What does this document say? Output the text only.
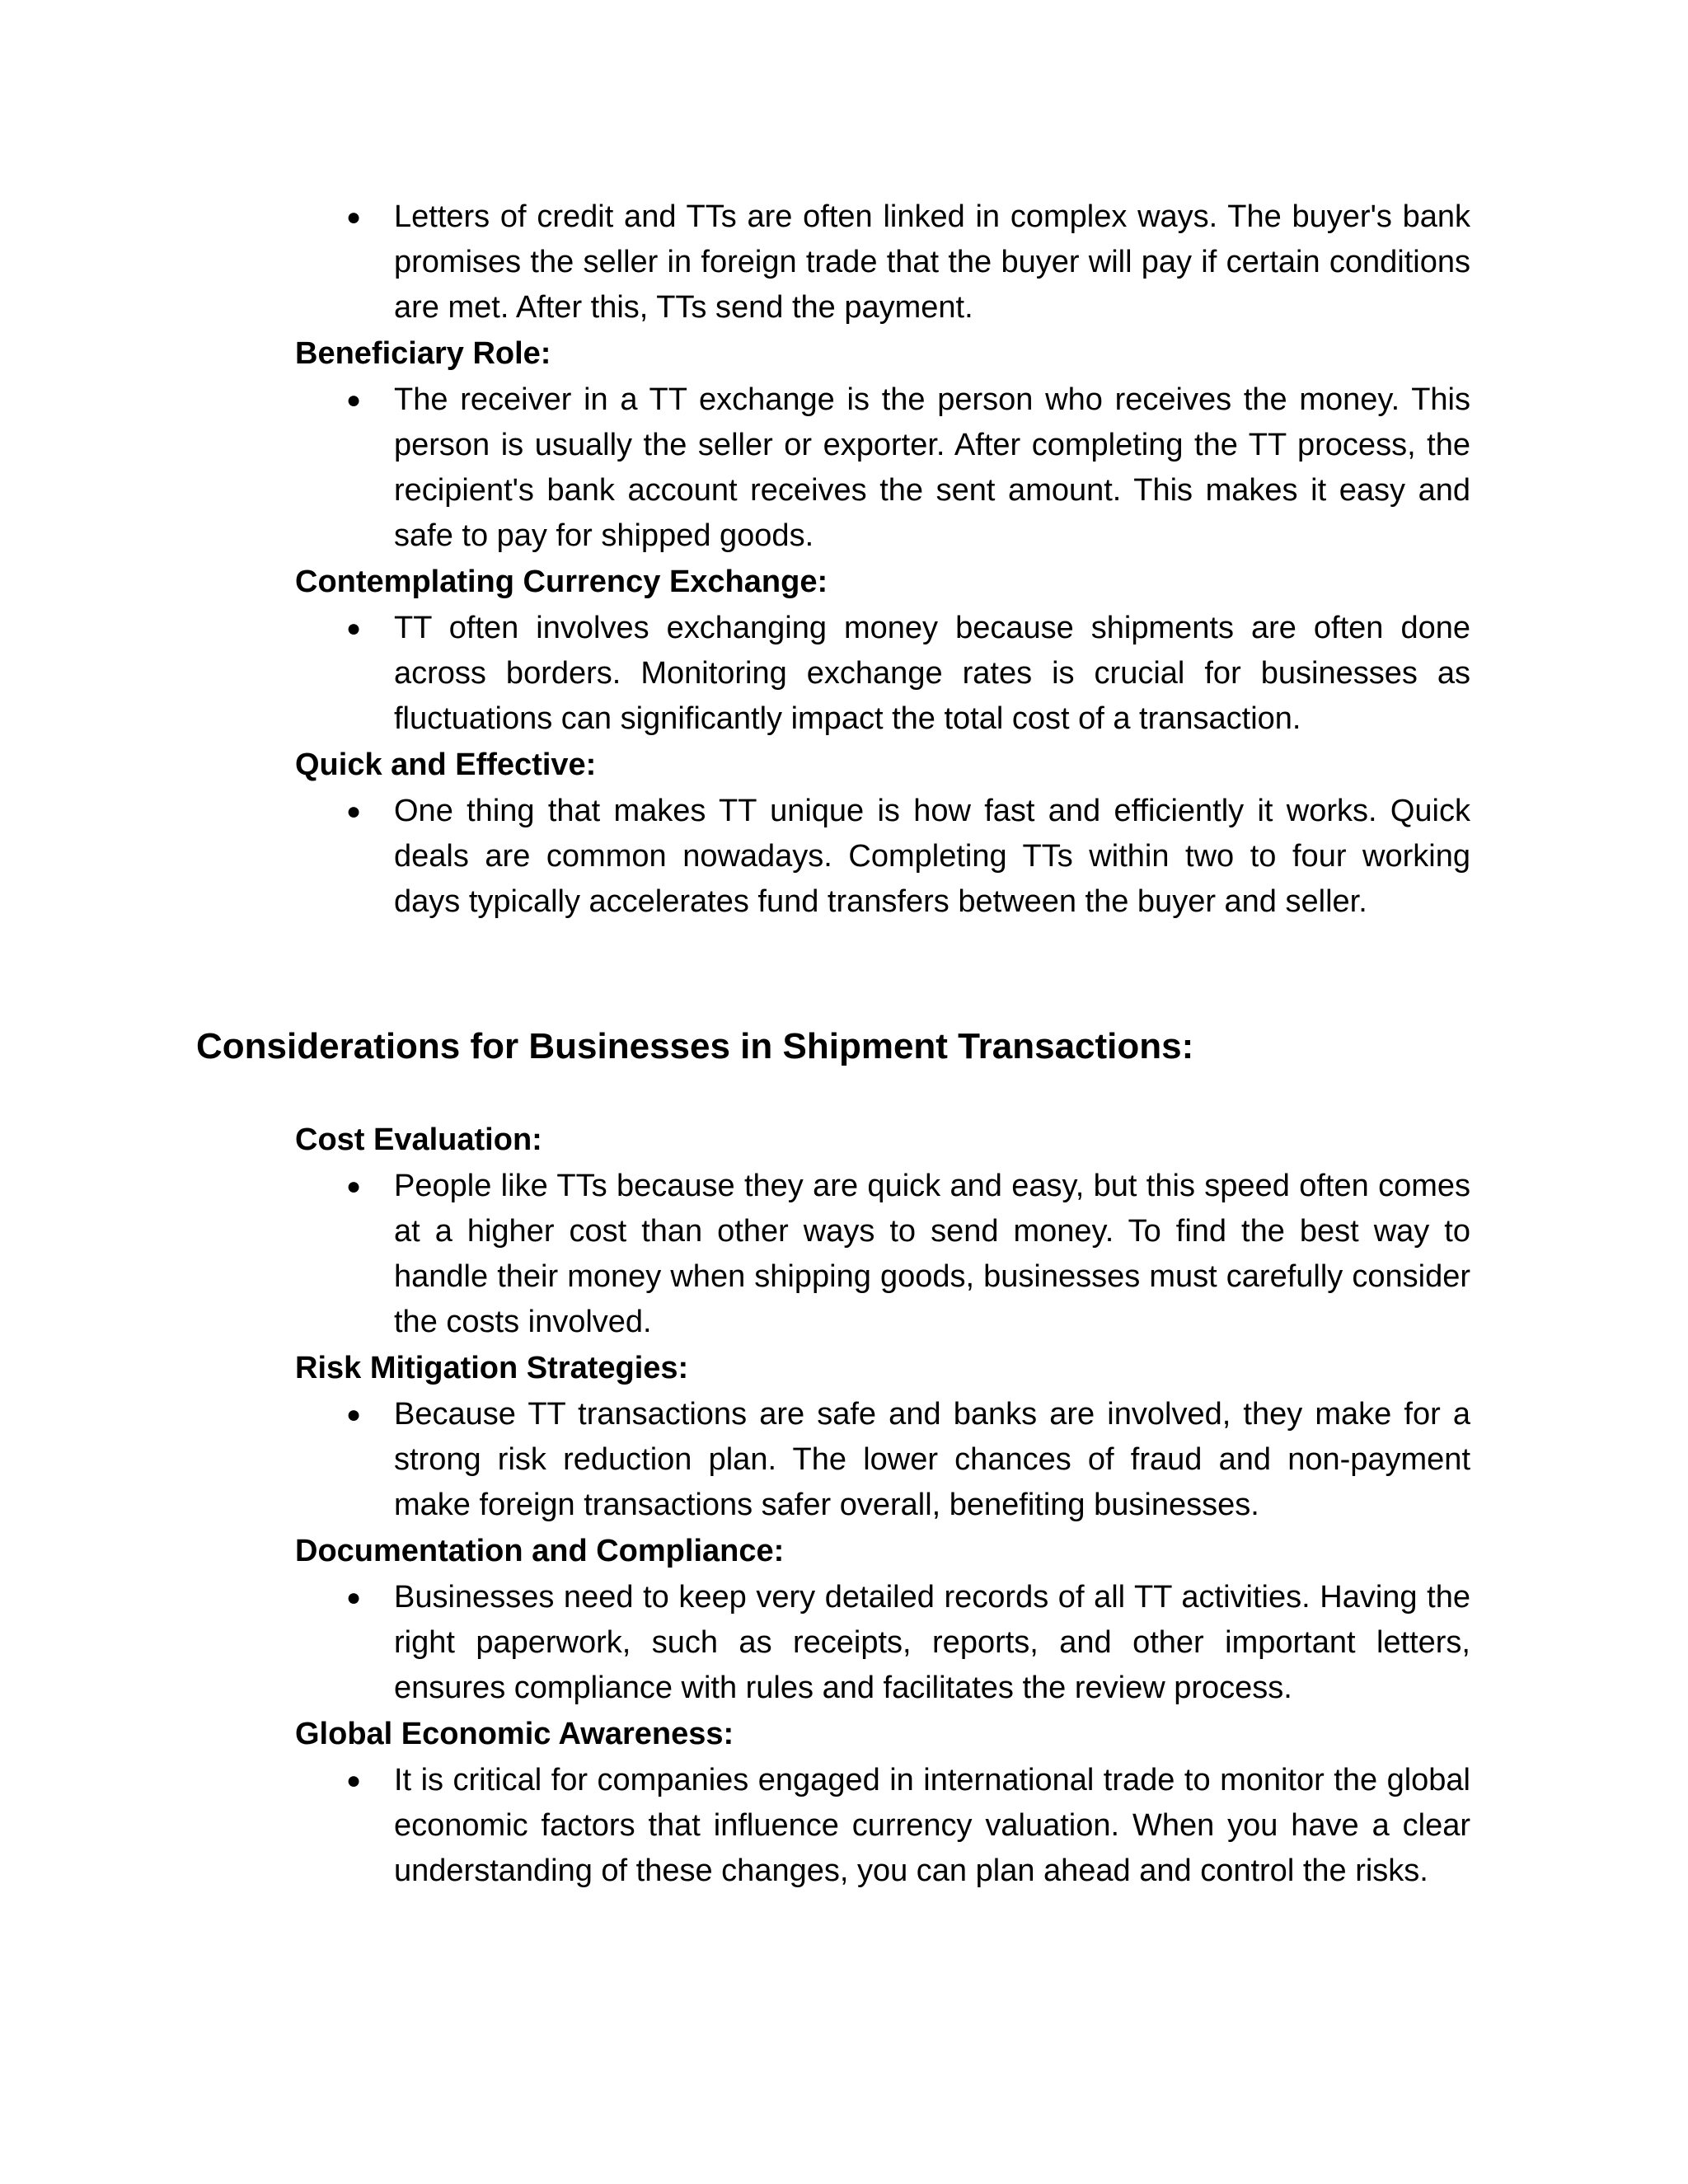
● Letters of credit and TTs are often linked in complex ways. The buyer's bank promises the seller in foreign trade that the buyer will pay if certain conditions are met. After this, TTs send the payment.

Beneficiary Role:

● The receiver in a TT exchange is the person who receives the money. This person is usually the seller or exporter. After completing the TT process, the recipient's bank account receives the sent amount. This makes it easy and safe to pay for shipped goods.

Contemplating Currency Exchange:

● TT often involves exchanging money because shipments are often done across borders. Monitoring exchange rates is crucial for businesses as fluctuations can significantly impact the total cost of a transaction.

Quick and Effective:

● One thing that makes TT unique is how fast and efficiently it works. Quick deals are common nowadays. Completing TTs within two to four working days typically accelerates fund transfers between the buyer and seller.
Considerations for Businesses in Shipment Transactions:

Cost Evaluation:

● People like TTs because they are quick and easy, but this speed often comes at a higher cost than other ways to send money. To find the best way to handle their money when shipping goods, businesses must carefully consider the costs involved.

Risk Mitigation Strategies:

● Because TT transactions are safe and banks are involved, they make for a strong risk reduction plan. The lower chances of fraud and non-payment make foreign transactions safer overall, benefiting businesses.

Documentation and Compliance:

● Businesses need to keep very detailed records of all TT activities. Having the right paperwork, such as receipts, reports, and other important letters, ensures compliance with rules and facilitates the review process.

Global Economic Awareness:

● It is critical for companies engaged in international trade to monitor the global economic factors that influence currency valuation. When you have a clear understanding of these changes, you can plan ahead and control the risks.
